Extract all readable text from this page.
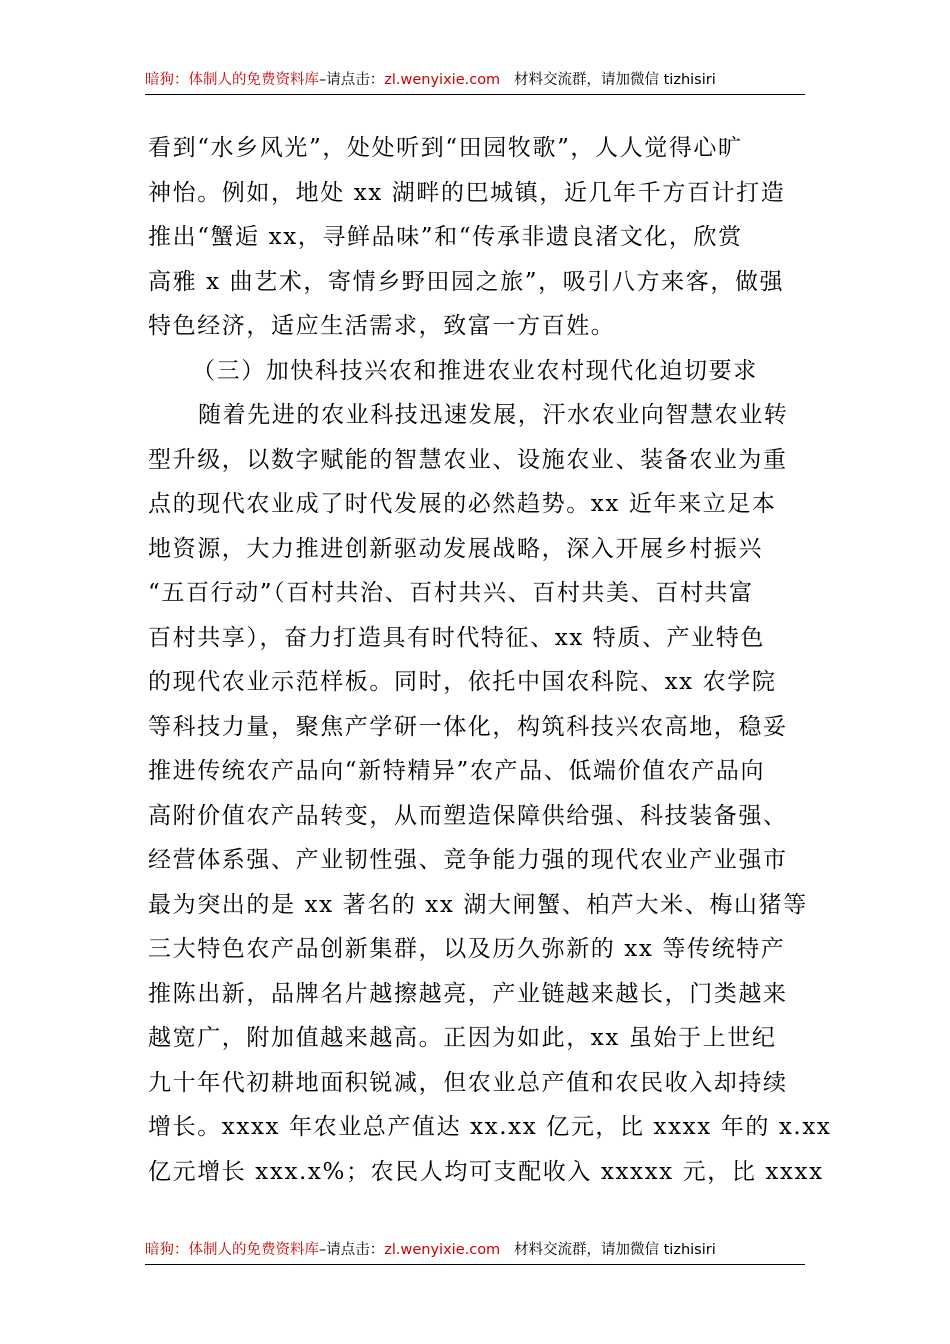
暗狗：体制人的免费资料库–请点击：zl.wenyixie.com 材料交流群，请加微信 tizhisiri
看到“水乡风光”，处处听到“田园牧歌”，人人觉得心旷
神怡。例如，地处 xx 湖畔的巴城镇，近几年千方百计打造
推出“蟹逅 xx，寻鲜品味”和“传承非遗良渚文化，欣赏
高雅 x 曲艺术，寄情乡野田园之旅”，吸引八方来客，做强
特色经济，适应生活需求，致富一方百姓。
（三）加快科技兴农和推进农业农村现代化迫切要求
随着先进的农业科技迅速发展，汗水农业向智慧农业转
型升级，以数字赋能的智慧农业、设施农业、装备农业为重
点的现代农业成了时代发展的必然趋势。xx 近年来立足本
地资源，大力推进创新驱动发展战略，深入开展乡村振兴
“五百行动”（百村共治、百村共兴、百村共美、百村共富
百村共享），奋力打造具有时代特征、xx 特质、产业特色
的现代农业示范样板。同时，依托中国农科院、xx 农学院
等科技力量，聚焦产学研一体化，构筑科技兴农高地，稳妥
推进传统农产品向“新特精异”农产品、低端价值农产品向
高附价值农产品转变，从而塑造保障供给强、科技装备强、
经营体系强、产业韧性强、竞争能力强的现代农业产业强市
最为突出的是 xx 著名的 xx 湖大闸蟹、柏芦大米、梅山猪等
三大特色农产品创新集群，以及历久弥新的 xx 等传统特产
推陈出新，品牌名片越擦越亮，产业链越来越长，门类越来
越宽广，附加值越来越高。正因为如此，xx 虽始于上世纪
九十年代初耕地面积锐减，但农业总产值和农民收入却持续
增长。xxxx 年农业总产值达 xx.xx 亿元，比 xxxx 年的 x.xx
亿元增长 xxx.x%；农民人均可支配收入 xxxxx 元，比 xxxx
暗狗：体制人的免费资料库–请点击：zl.wenyixie.com 材料交流群，请加微信 tizhisiri
